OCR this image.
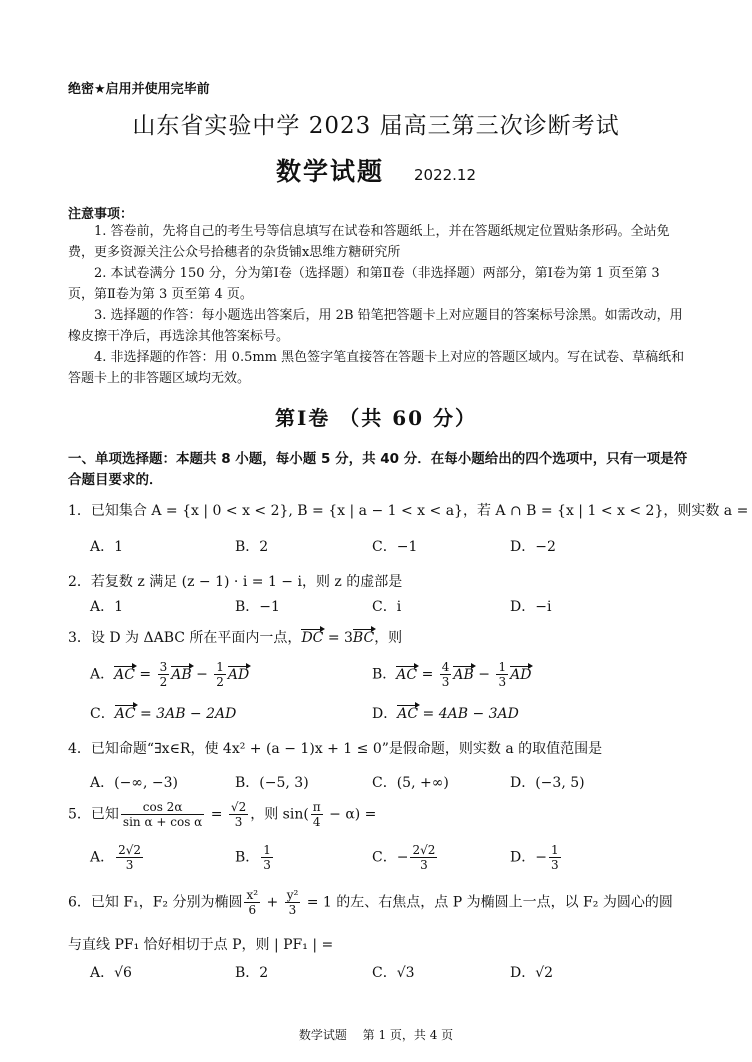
绝密★启用并使用完毕前
山东省实验中学 2023 届高三第三次诊断考试
数学试题 2022.12
注意事项：

1. 答卷前，先将自己的考生号等信息填写在试卷和答题纸上，并在答题纸规定位置贴条形码。全站免费，更多资源关注公众号拾穗者的杂货铺x思维方糖研究所

2. 本试卷满分 150 分，分为第Ⅰ卷（选择题）和第Ⅱ卷（非选择题）两部分，第Ⅰ卷为第 1 页至第 3 页，第Ⅱ卷为第 3 页至第 4 页。

3. 选择题的作答：每小题选出答案后，用 2B 铅笔把答题卡上对应题目的答案标号涂黑。如需改动，用橡皮擦干净后，再选涂其他答案标号。

4. 非选择题的作答：用 0.5mm 黑色签字笔直接答在答题卡上对应的答题区域内。写在试卷、草稿纸和答题卡上的非答题区域均无效。

第Ⅰ卷 （共 60 分）
一、单项选择题：本题共 8 小题，每小题 5 分，共 40 分．在每小题给出的四个选项中，只有一项是符合题目要求的．
1．已知集合 A = {x | 0 < x < 2}, B = {x | a − 1 < x < a}，若 A ∩ B = {x | 1 < x < 2}，则实数 a =
A．1	B．2	C．−1	D．−2
2．若复数 z 满足 (z − 1) · i = 1 − i，则 z 的虚部是
A．1	B．−1	C．i	D．−i
3．设 D 为 ΔABC 所在平面内一点，DC = 3BC，则
A．AC = $\frac{3}{2}$ AB − $\frac{1}{2}$ AD	B．AC = $\frac{4}{3}$ AB − $\frac{1}{3}$ AD
C．AC = 3AB − 2AD	D．AC = 4AB − 3AD
4．已知命题“∃x∈R，使 4x² + (a − 1)x + 1 ≤ 0”是假命题，则实数 a 的取值范围是
A．(−∞, −3)	B．(−5, 3)	C．(5, +∞)	D．(−3, 5)
5．已知 $\frac{\cos 2\alpha}{\text{sin α + cos α}} = \frac{√2}{3}$ ，则 $\sin( \frac{\pi}{4} - \alpha)$ =
A． $\frac{2√2}{3}$	B． $\frac{1}{3}$	C．− $\frac{2√2}{3}$	D．− $\frac{1}{3}$
6．已知 F₁，F₂ 分别为椭圆 $\frac{\text{x²}}{6} + \frac{\text{y²}}{3} = 1$ 的左、右焦点，点 P 为椭圆上一点，以 F₂ 为圆心的圆
与直线 PF₁ 恰好相切于点 P，则 | PF₁ | =
A．√6	B．2	C．√3	D．√2
数学试题　 第 1 页，共 4 页
